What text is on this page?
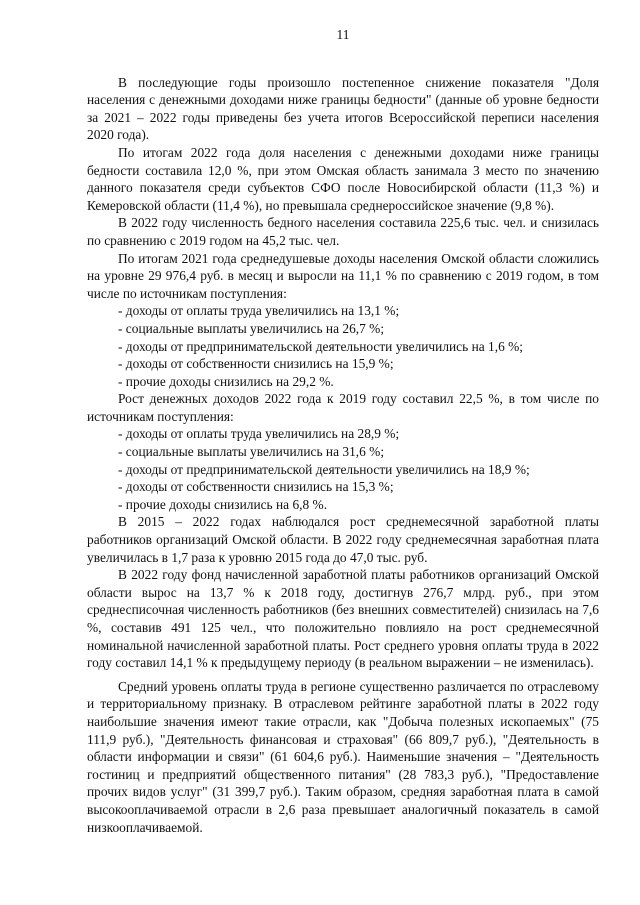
11

В последующие годы произошло постепенное снижение показателя "Доля населения с денежными доходами ниже границы бедности" (данные об уровне бедности за 2021 – 2022 годы приведены без учета итогов Всероссийской переписи населения 2020 года).

По итогам 2022 года доля населения с денежными доходами ниже границы бедности составила 12,0 %, при этом Омская область занимала 3 место по значению данного показателя среди субъектов СФО после Новосибирской области (11,3 %) и Кемеровской области (11,4 %), но превышала среднероссийское значение (9,8 %).

В 2022 году численность бедного населения составила 225,6 тыс. чел. и снизилась по сравнению с 2019 годом на 45,2 тыс. чел.

По итогам 2021 года среднедушевые доходы населения Омской области сложились на уровне 29 976,4 руб. в месяц и выросли на 11,1 % по сравнению с 2019 годом, в том числе по источникам поступления:

- доходы от оплаты труда увеличились на 13,1 %;
- социальные выплаты увеличились на 26,7 %;
- доходы от предпринимательской деятельности увеличились на 1,6 %;
- доходы от собственности снизились на 15,9 %;
- прочие доходы снизились на 29,2 %.

Рост денежных доходов 2022 года к 2019 году составил 22,5 %, в том числе по источникам поступления:

- доходы от оплаты труда увеличились на 28,9 %;
- социальные выплаты увеличились на 31,6 %;
- доходы от предпринимательской деятельности увеличились на 18,9 %;
- доходы от собственности снизились на 15,3 %;
- прочие доходы снизились на 6,8 %.

В 2015 – 2022 годах наблюдался рост среднемесячной заработной платы работников организаций Омской области. В 2022 году среднемесячная заработная плата увеличилась в 1,7 раза к уровню 2015 года до 47,0 тыс. руб.

В 2022 году фонд начисленной заработной платы работников организаций Омской области вырос на 13,7 % к 2018 году, достигнув 276,7 млрд. руб., при этом среднесписочная численность работников (без внешних совместителей) снизилась на 7,6 %, составив 491 125 чел., что положительно повлияло на рост среднемесячной номинальной начисленной заработной платы. Рост среднего уровня оплаты труда в 2022 году составил 14,1 % к предыдущему периоду (в реальном выражении – не изменилась).

Средний уровень оплаты труда в регионе существенно различается по отраслевому и территориальному признаку. В отраслевом рейтинге заработной платы в 2022 году наибольшие значения имеют такие отрасли, как "Добыча полезных ископаемых" (75 111,9 руб.), "Деятельность финансовая и страховая" (66 809,7 руб.), "Деятельность в области информации и связи" (61 604,6 руб.). Наименьшие значения – "Деятельность гостиниц и предприятий общественного питания" (28 783,3 руб.), "Предоставление прочих видов услуг" (31 399,7 руб.). Таким образом, средняя заработная плата в самой высокооплачиваемой отрасли в 2,6 раза превышает аналогичный показатель в самой низкооплачиваемой.
